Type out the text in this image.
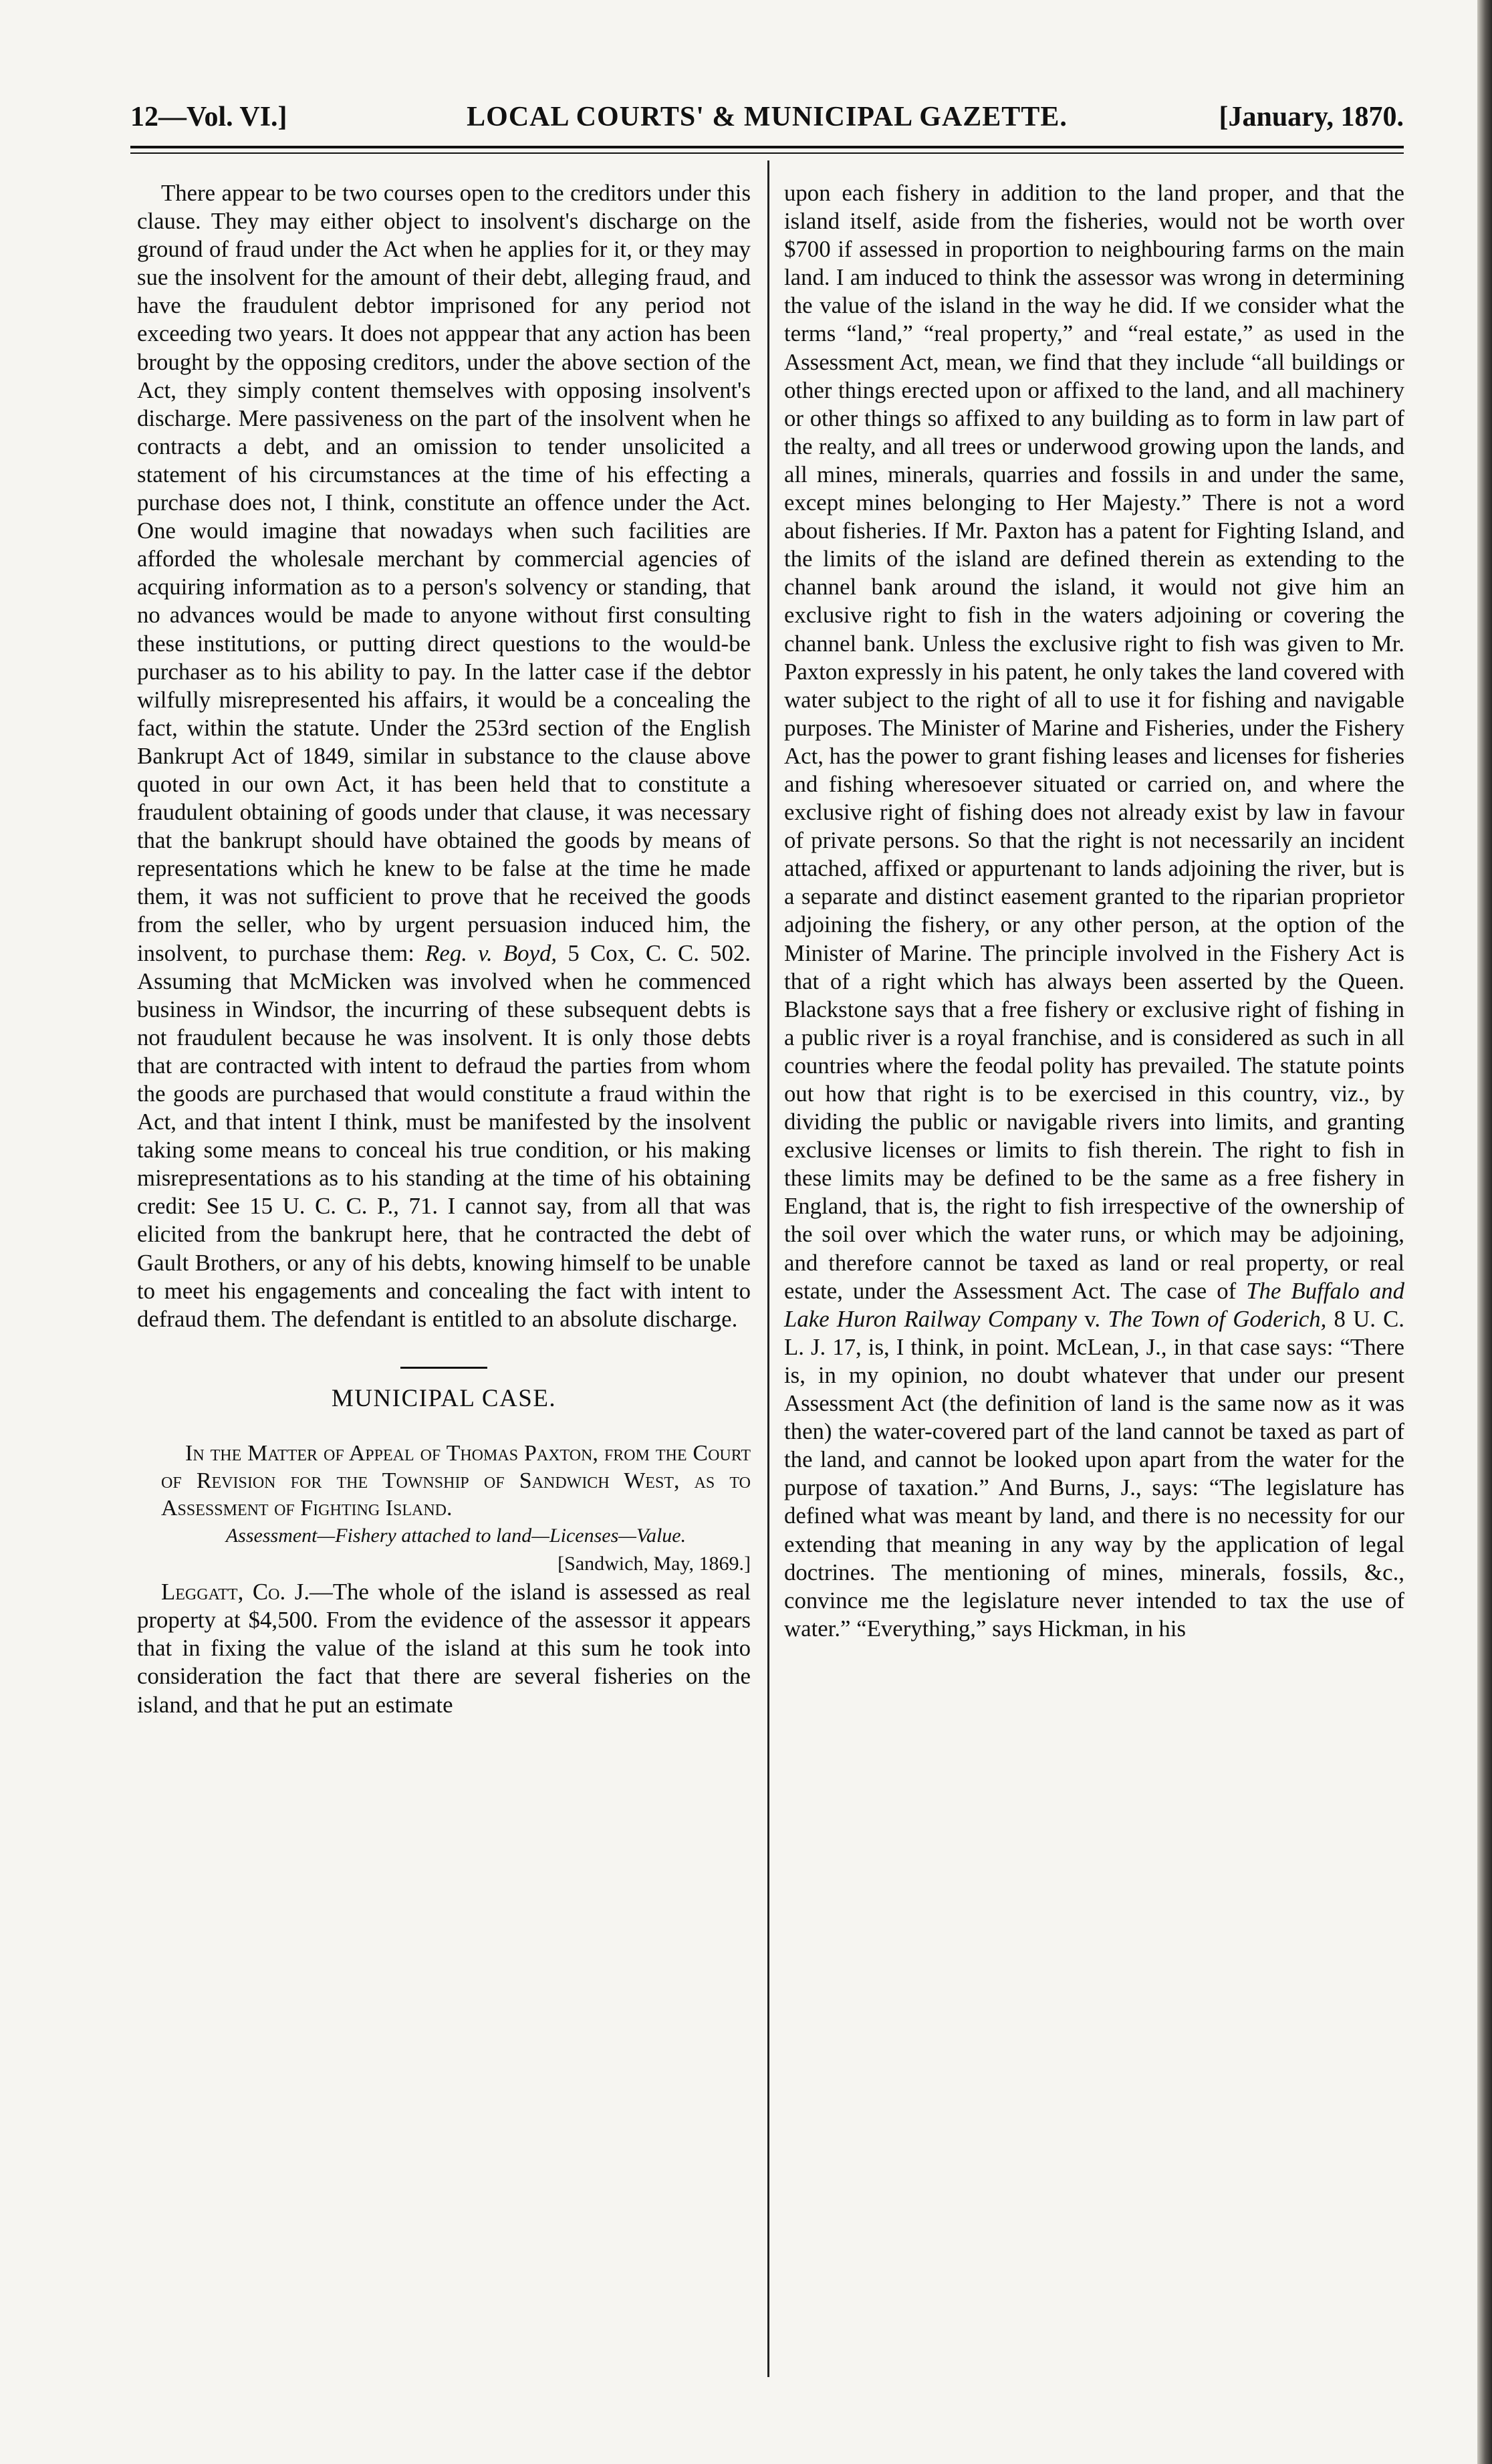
12—Vol. VI.]	LOCAL COURTS' & MUNICIPAL GAZETTE.	[January, 1870.

There appear to be two courses open to the creditors under this clause. They may either object to insolvent's discharge on the ground of fraud under the Act when he applies for it, or they may sue the insolvent for the amount of their debt, alleging fraud, and have the fraudulent debtor imprisoned for any period not exceeding two years. It does not apppear that any action has been brought by the opposing creditors, under the above section of the Act, they simply content themselves with opposing insolvent's discharge. Mere passiveness on the part of the insolvent when he contracts a debt, and an omission to tender unsolicited a statement of his circumstances at the time of his effecting a purchase does not, I think, constitute an offence under the Act. One would imagine that nowadays when such facilities are afforded the wholesale merchant by commercial agencies of acquiring information as to a person's solvency or standing, that no advances would be made to anyone without first consulting these institutions, or putting direct questions to the would-be purchaser as to his ability to pay. In the latter case if the debtor wilfully misrepresented his affairs, it would be a concealing the fact, within the statute. Under the 253rd section of the English Bankrupt Act of 1849, similar in substance to the clause above quoted in our own Act, it has been held that to constitute a fraudulent obtaining of goods under that clause, it was necessary that the bankrupt should have obtained the goods by means of representations which he knew to be false at the time he made them, it was not sufficient to prove that he received the goods from the seller, who by urgent persuasion induced him, the insolvent, to purchase them: Reg. v. Boyd, 5 Cox, C. C. 502. Assuming that McMicken was involved when he commenced business in Windsor, the incurring of these subsequent debts is not fraudulent because he was insolvent. It is only those debts that are contracted with intent to defraud the parties from whom the goods are purchased that would constitute a fraud within the Act, and that intent I think, must be manifested by the insolvent taking some means to conceal his true condition, or his making misrepresentations as to his standing at the time of his obtaining credit: See 15 U. C. C. P., 71. I cannot say, from all that was elicited from the bankrupt here, that he contracted the debt of Gault Brothers, or any of his debts, knowing himself to be unable to meet his engagements and concealing the fact with intent to defraud them. The defendant is entitled to an absolute discharge.

MUNICIPAL CASE.

In the Matter of Appeal of Thomas Paxton, from the Court of Revision for the Township of Sandwich West, as to Assessment of Fighting Island.

Assessment—Fishery attached to land—Licenses—Value.

[Sandwich, May, 1869.]

Leggatt, Co. J.—The whole of the island is assessed as real property at $4,500. From the evidence of the assessor it appears that in fixing the value of the island at this sum he took into consideration the fact that there are several fisheries on the island, and that he put an estimate

upon each fishery in addition to the land proper, and that the island itself, aside from the fisheries, would not be worth over $700 if assessed in proportion to neighbouring farms on the main land. I am induced to think the assessor was wrong in determining the value of the island in the way he did. If we consider what the terms “land,” “real property,” and “real estate,” as used in the Assessment Act, mean, we find that they include “all buildings or other things erected upon or affixed to the land, and all machinery or other things so affixed to any building as to form in law part of the realty, and all trees or underwood growing upon the lands, and all mines, minerals, quarries and fossils in and under the same, except mines belonging to Her Majesty.” There is not a word about fisheries. If Mr. Paxton has a patent for Fighting Island, and the limits of the island are defined therein as extending to the channel bank around the island, it would not give him an exclusive right to fish in the waters adjoining or covering the channel bank. Unless the exclusive right to fish was given to Mr. Paxton expressly in his patent, he only takes the land covered with water subject to the right of all to use it for fishing and navigable purposes. The Minister of Marine and Fisheries, under the Fishery Act, has the power to grant fishing leases and licenses for fisheries and fishing wheresoever situated or carried on, and where the exclusive right of fishing does not already exist by law in favour of private persons. So that the right is not necessarily an incident attached, affixed or appurtenant to lands adjoining the river, but is a separate and distinct easement granted to the riparian proprietor adjoining the fishery, or any other person, at the option of the Minister of Marine. The principle involved in the Fishery Act is that of a right which has always been asserted by the Queen. Blackstone says that a free fishery or exclusive right of fishing in a public river is a royal franchise, and is considered as such in all countries where the feodal polity has prevailed. The statute points out how that right is to be exercised in this country, viz., by dividing the public or navigable rivers into limits, and granting exclusive licenses or limits to fish therein. The right to fish in these limits may be defined to be the same as a free fishery in England, that is, the right to fish irrespective of the ownership of the soil over which the water runs, or which may be adjoining, and therefore cannot be taxed as land or real property, or real estate, under the Assessment Act. The case of The Buffalo and Lake Huron Railway Company v. The Town of Goderich, 8 U. C. L. J. 17, is, I think, in point. McLean, J., in that case says: “There is, in my opinion, no doubt whatever that under our present Assessment Act (the definition of land is the same now as it was then) the water-covered part of the land cannot be taxed as part of the land, and cannot be looked upon apart from the water for the purpose of taxation.” And Burns, J., says: “The legislature has defined what was meant by land, and there is no necessity for our extending that meaning in any way by the application of legal doctrines. The mentioning of mines, minerals, fossils, &c., convince me the legislature never intended to tax the use of water.” “Everything,” says Hickman, in his
